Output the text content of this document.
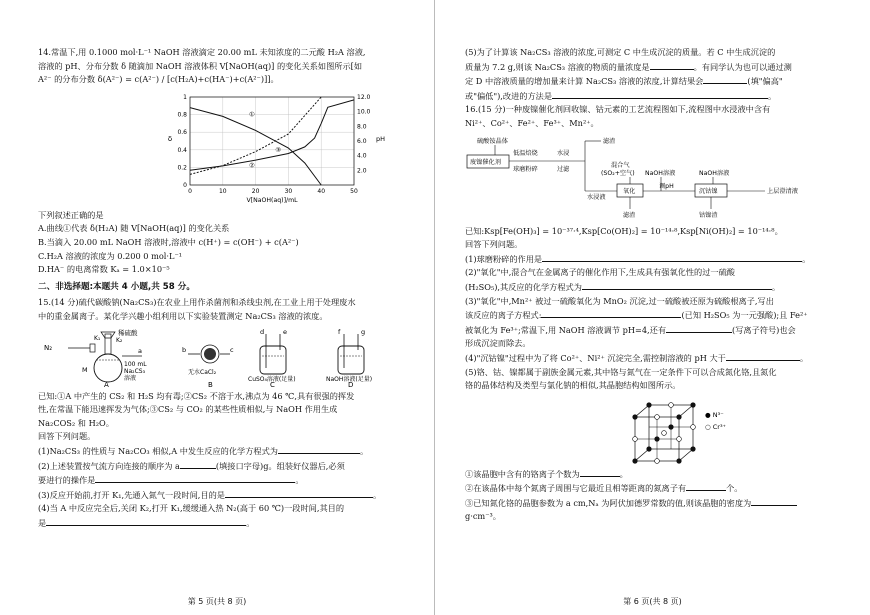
14.常温下,用 0.1000 mol·L⁻¹ NaOH 溶液滴定 20.00 mL 未知浓度的二元酸 H₂A 溶液,

溶液的 pH、分布分数 δ 随滴加 NaOH 溶液体积 V[NaOH(aq)] 的变化关系如图所示[如

A²⁻ 的分布分数 δ(A²⁻) = c(A²⁻) / [c(H₂A)+c(HA⁻)+c(A²⁻)]]。

0	10	20	30	40	50
0
0.2
0.4
0.6
0.8
1
2.0
4.0
6.0
8.0
10.0
12.0
V[NaOH(aq)]/mL
δ	pH
①
②
③

下列叙述正确的是

A.曲线①代表 δ(H₂A) 随 V[NaOH(aq)] 的变化关系

B.当滴入 20.00 mL NaOH 溶液时,溶液中 c(H⁺) = c(OH⁻) + c(A²⁻)

C.H₂A 溶液的浓度为 0.200 0 mol·L⁻¹

D.HA⁻ 的电离常数 Kₐ = 1.0×10⁻⁵

二、非选择题:本题共 4 小题,共 58 分。

15.(14 分)硫代碳酸钠(Na₂CS₃)在农业上用作杀菌剂和杀线虫剂,在工业上用于处理废水

中的重金属离子。某化学兴趣小组利用以下实验装置测定 Na₂CS₃ 溶液的浓度。

N₂
K₁	K₂
稀硫酸
M
a
100 mL
Na₂CS₃
溶液
A
b	c
无水CaCl₂
B
d	e
CuSO₄溶液(足量)
C
f	g
NaOH溶液(足量)
D

已知:①A 中产生的 CS₂ 和 H₂S 均有毒;②CS₂ 不溶于水,沸点为 46 ℃,具有很强的挥发

性,在常温下能迅速挥发为气体;③CS₂ 与 CO₂ 的某些性质相似,与 NaOH 作用生成

Na₂COS₂ 和 H₂O。

回答下列问题。

(1)Na₂CS₃ 的性质与 Na₂CO₃ 相似,A 中发生反应的化学方程式为	。

(2)上述装置按气流方向连接的顺序为 a	(填接口字母)g。组装好仪器后,必须

要进行的操作是	。

(3)反应开始前,打开 K₁,先通入氮气一段时间,目的是	。

(4)当 A 中反应完全后,关闭 K₂,打开 K₁,缓缓通入热 N₂(高于 60 ℃)一段时间,其目的

是	。

第 5 页(共 8 页)

(5)为了计算该 Na₂CS₃ 溶液的浓度,可测定 C 中生成沉淀的质量。若 C 中生成沉淀的

质量为 7.2 g,则该 Na₂CS₃ 溶液的物质的量浓度是	。有同学认为也可以通过测

定 D 中溶液质量的增加量来计算 Na₂CS₃ 溶液的浓度,计算结果会	(填"偏高"

或"偏低"),改进的方法是	。

16.(15 分)一种废镍催化剂回收镍、钴元素的工艺流程图如下,流程图中水浸液中含有

Ni²⁺、Co²⁺、Fe²⁺、Fe³⁺、Mn²⁺。

废镍催化剂
硫酸铵晶体
低温焙烧
球磨粉碎
水浸
过滤
滤渣
混合气
(SO₂+空气) NaOH溶液	NaOH溶液
水浸液
氧化
调pH
滤渣
沉钴镍	上层澄清液
钴镍渣

已知:Ksp[Fe(OH)₃] = 10⁻³⁷·⁴,Ksp[Co(OH)₂] = 10⁻¹⁴·⁸,Ksp[Ni(OH)₂] = 10⁻¹⁴·⁸。

回答下列问题。

(1)球磨粉碎的作用是	。

(2)"氧化"中,混合气在金属离子的催化作用下,生成具有强氧化性的过一硫酸

(H₂SO₅),其反应的化学方程式为	。

(3)"氧化"中,Mn²⁺ 被过一硫酸氧化为 MnO₂ 沉淀,过一硫酸被还原为硫酸根离子,写出

该反应的离子方程式:	(已知 H₂SO₅ 为一元强酸);且 Fe²⁺

被氧化为 Fe³⁺;常温下,用 NaOH 溶液调节 pH=4,还有	(写离子符号)也会

形成沉淀而除去。

(4)"沉钴镍"过程中为了将 Co²⁺、Ni²⁺ 沉淀完全,需控制溶液的 pH 大于	。

(5)铬、钴、镍都属于副族金属元素,其中铬与氮气在一定条件下可以合成氮化铬,且氮化

铬的晶体结构及类型与氯化钠的相似,其晶胞结构如图所示。

● N³⁻
○ Cr³⁺

①该晶胞中含有的铬离子个数为	。

②在该晶体中每个氮离子周围与它最近且相等距离的氮离子有	个。

③已知氮化铬的晶胞参数为 a cm,Nₐ 为阿伏加德罗常数的值,则该晶胞的密度为

g·cm⁻³。

第 6 页(共 8 页)
